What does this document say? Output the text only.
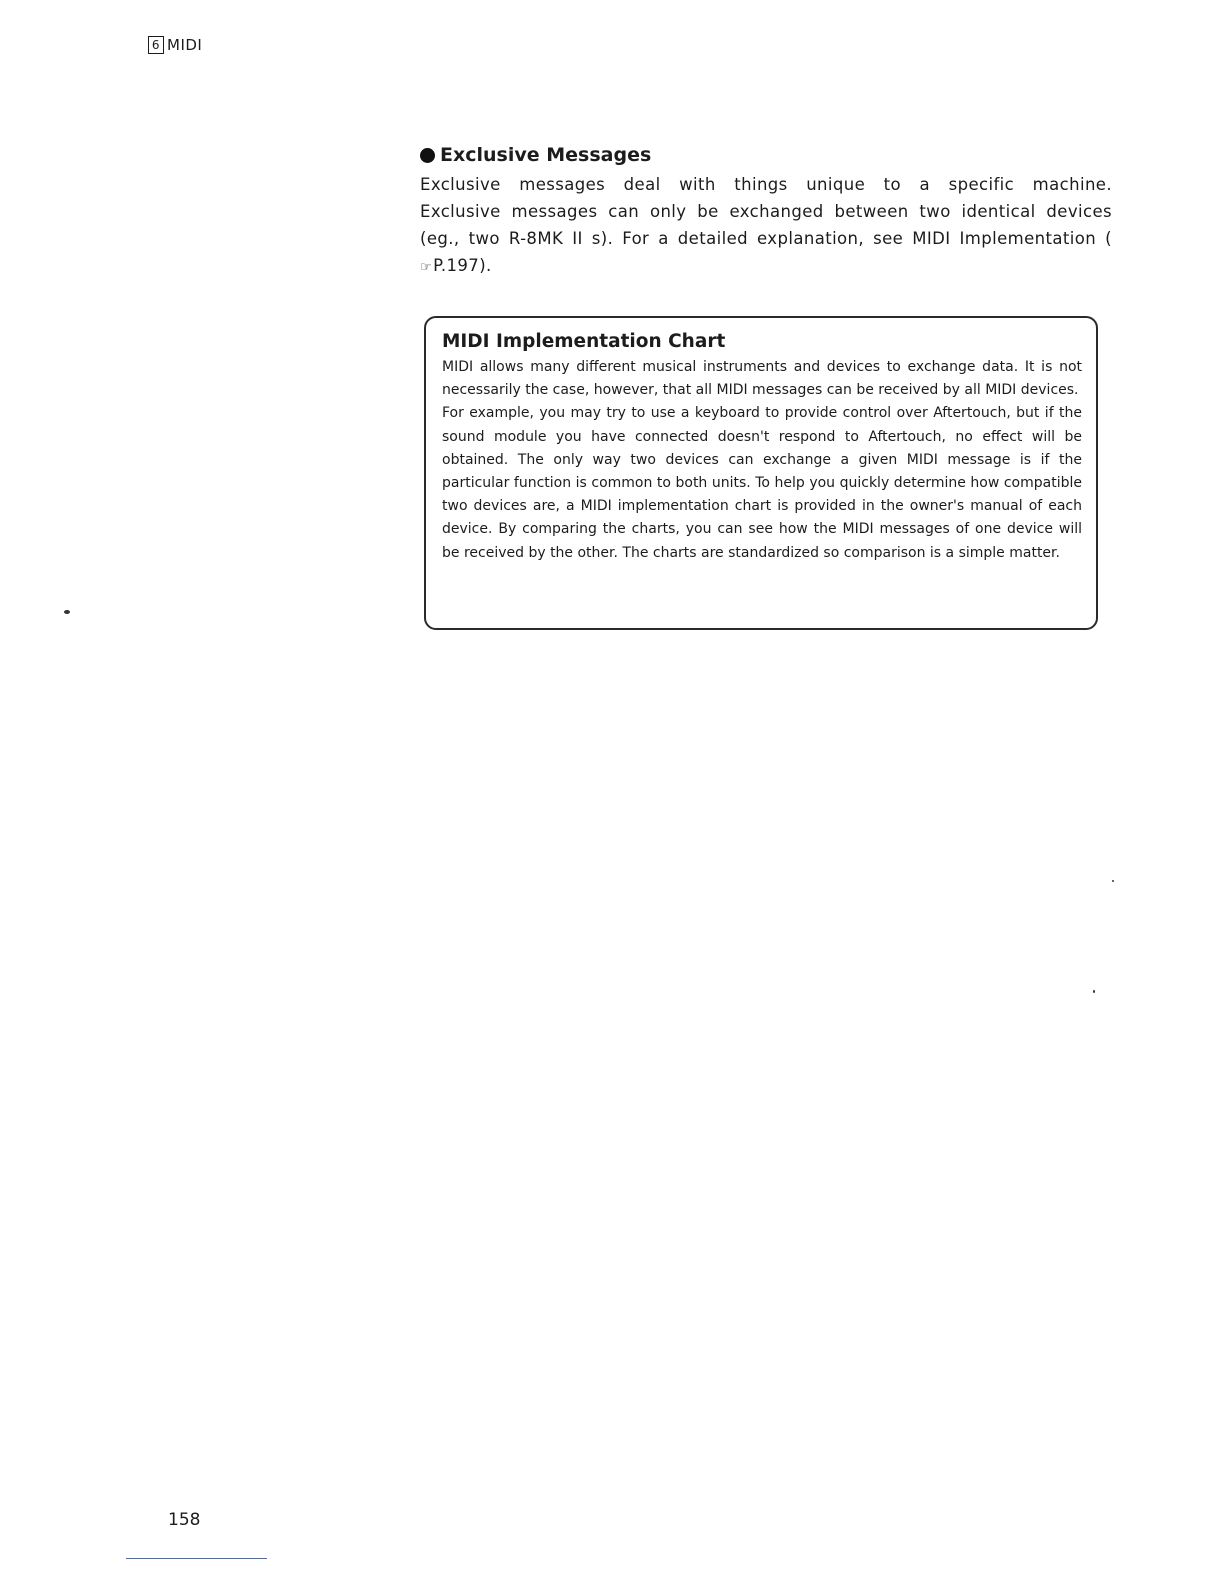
6 MIDI
Exclusive Messages
Exclusive messages deal with things unique to a specific machine. Exclusive messages can only be exchanged between two identical devices (eg., two R-8MK II s). For a detailed explanation, see MIDI Implementation (☞P.197).
MIDI Implementation Chart

MIDI allows many different musical instruments and devices to exchange data. It is not necessarily the case, however, that all MIDI messages can be received by all MIDI devices.

For example, you may try to use a keyboard to provide control over Aftertouch, but if the sound module you have connected doesn't respond to Aftertouch, no effect will be obtained. The only way two devices can exchange a given MIDI message is if the particular function is common to both units. To help you quickly determine how compatible two devices are, a MIDI implementation chart is provided in the owner's manual of each device. By comparing the charts, you can see how the MIDI messages of one device will be received by the other. The charts are standardized so comparison is a simple matter.

158
